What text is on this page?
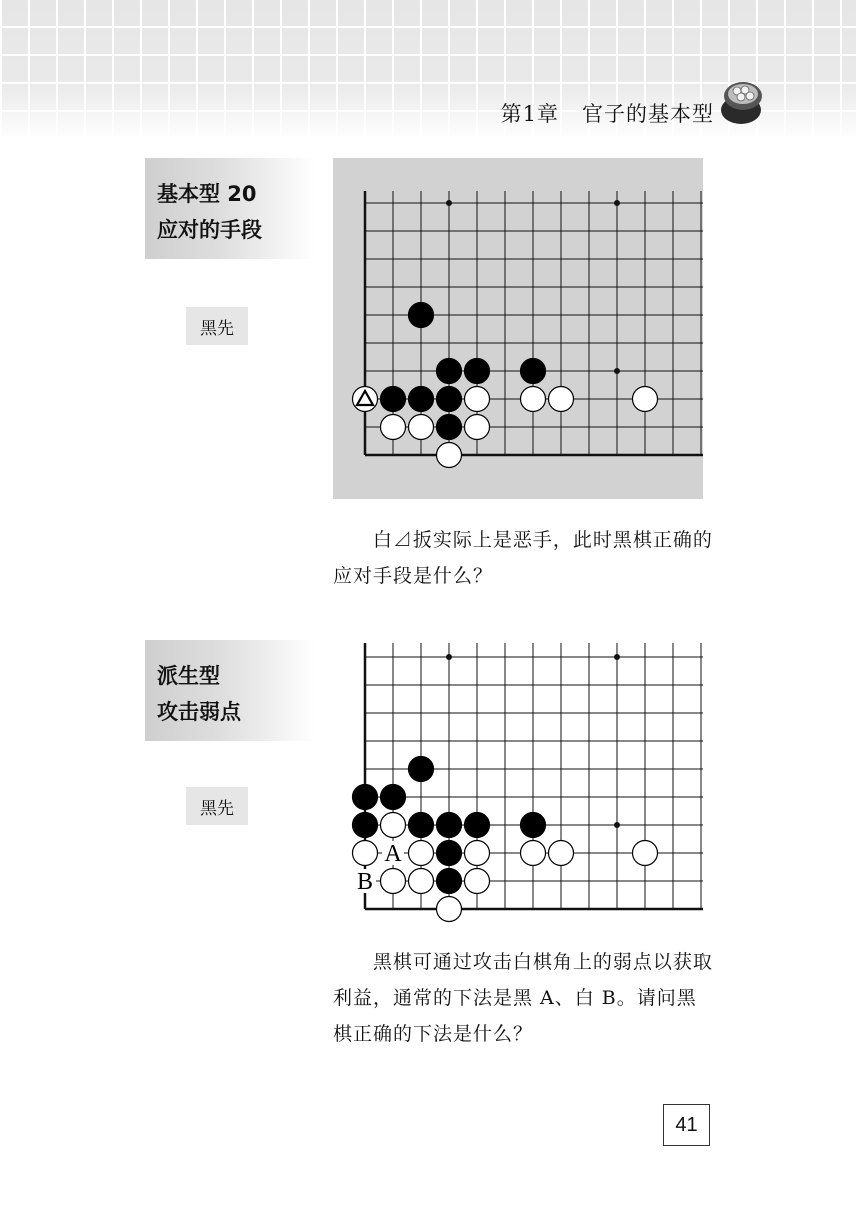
第1章   官子的基本型
基本型 20
应对的手段
黑先

白⊿扳实际上是恶手，此时黑棋正确的应对手段是什么？

派生型
攻击弱点
黑先
A
B

黑棋可通过攻击白棋角上的弱点以获取利益，通常的下法是黑 A、白 B。请问黑棋正确的下法是什么？

41
